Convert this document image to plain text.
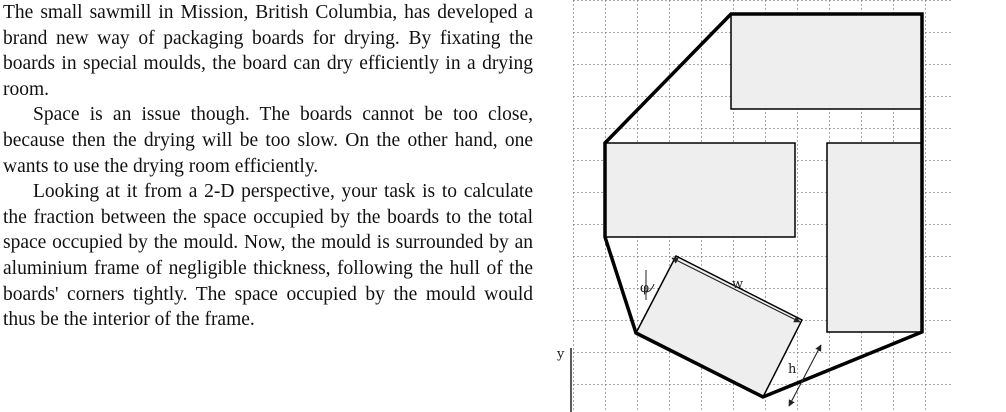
The small sawmill in Mission, British Columbia, has developed a brand new way of packaging boards for drying. By fixating the boards in special moulds, the board can dry efficiently in a drying room.

Space is an issue though. The boards cannot be too close, because then the drying will be too slow. On the other hand, one wants to use the drying room efficiently.

Looking at it from a 2-D perspective, your task is to calculate the fraction between the space occupied by the boards to the total space occupied by the mould. Now, the mould is surrounded by an aluminium frame of negligible thickness, following the hull of the boards' corners tightly. The space occupied by the mould would thus be the interior of the frame.

y
w
h
φ
